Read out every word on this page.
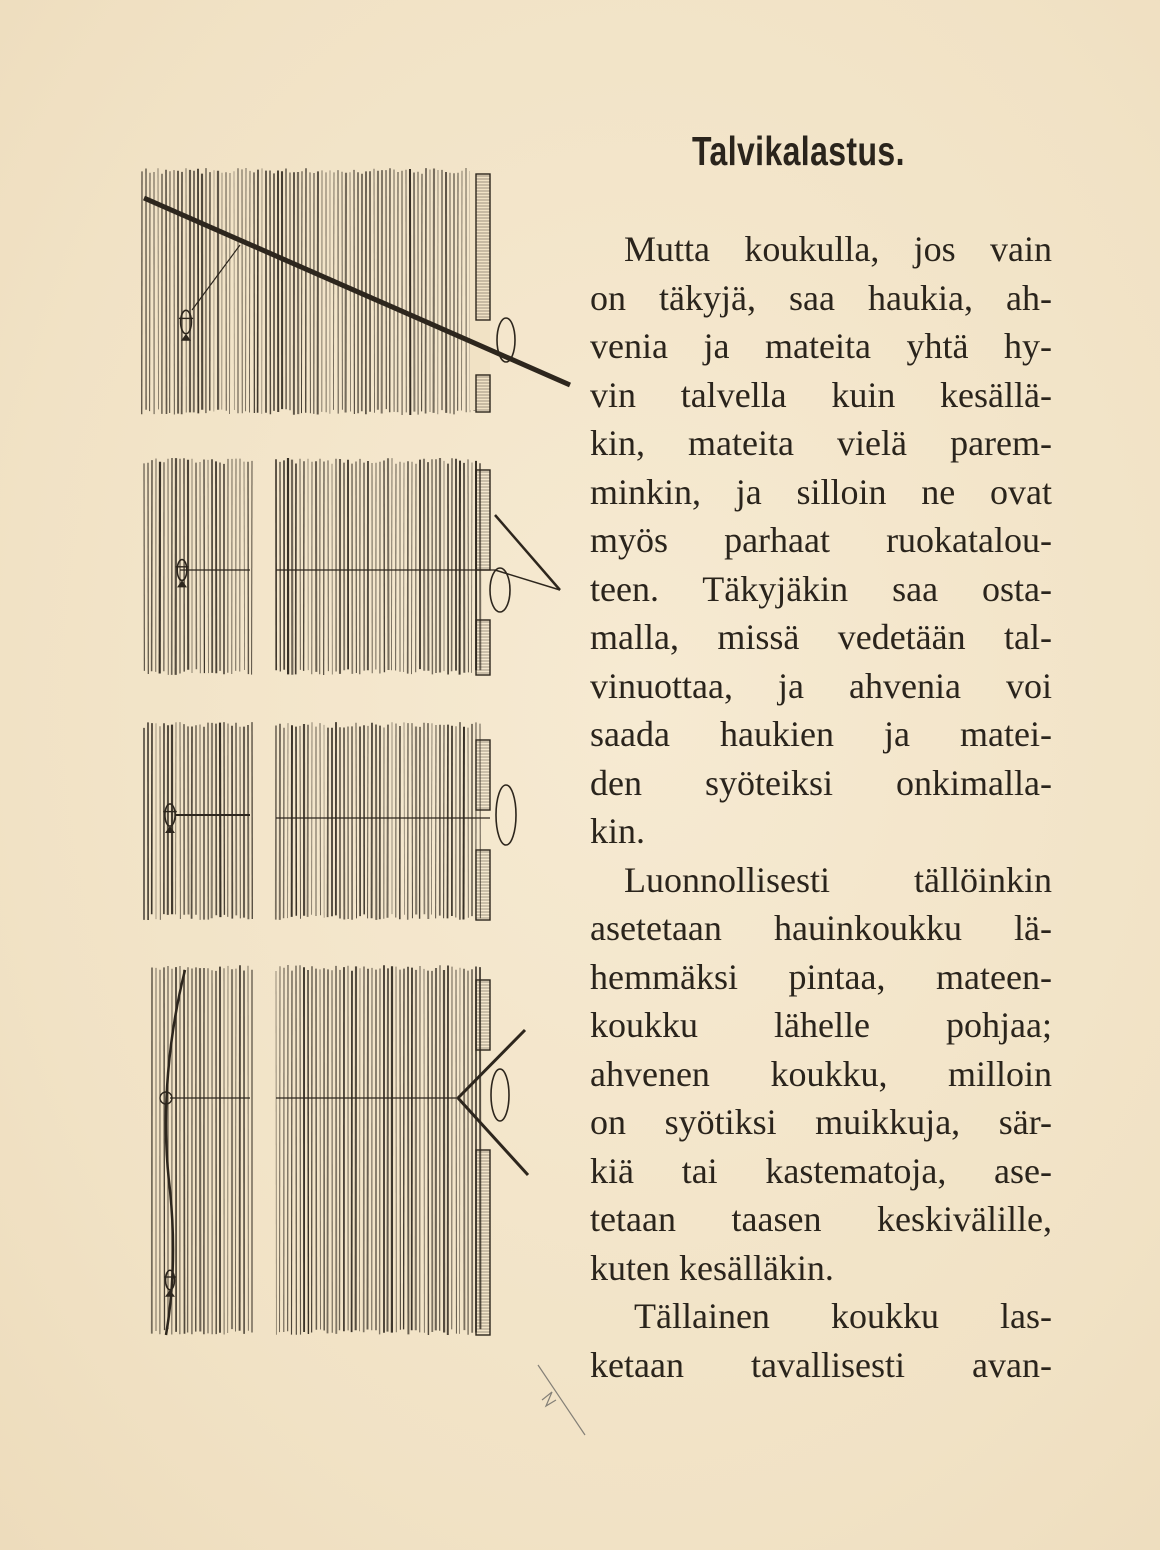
Talvikalastus.
Mutta koukulla, jos vain
on täkyjä, saa haukia, ah-
venia ja mateita yhtä hy-
vin talvella kuin kesällä-
kin, mateita vielä parem-
minkin, ja silloin ne ovat
myös parhaat ruokatalou-
teen. Täkyjäkin saa osta-
malla, missä vedetään tal-
vinuottaa, ja ahvenia voi
saada haukien ja matei-
den syöteiksi onkimalla-
kin.
Luonnollisesti tällöinkin
asetetaan hauinkoukku lä-
hemmäksi pintaa, mateen-
koukku lähelle pohjaa;
ahvenen koukku, milloin
on syötiksi muikkuja, sär-
kiä tai kastematoja, ase-
tetaan taasen keskivälille,
kuten kesälläkin.
Tällainen koukku las-
ketaan tavallisesti avan-
